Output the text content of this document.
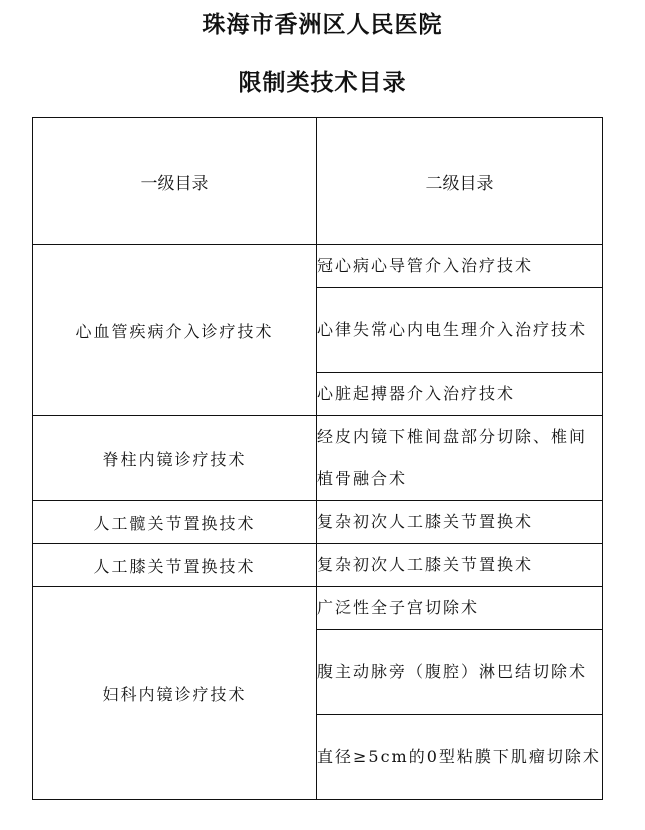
珠海市香洲区人民医院
限制类技术目录
一级目录	二级目录
心血管疾病介入诊疗技术	冠心病心导管介入治疗技术
	心律失常心内电生理介入治疗技术
	心脏起搏器介入治疗技术
脊柱内镜诊疗技术	经皮内镜下椎间盘部分切除、椎间植骨融合术
人工髋关节置换技术	复杂初次人工膝关节置换术
人工膝关节置换技术	复杂初次人工膝关节置换术
妇科内镜诊疗技术	广泛性全子宫切除术
	腹主动脉旁（腹腔）淋巴结切除术
	直径≥5cm的0型粘膜下肌瘤切除术
